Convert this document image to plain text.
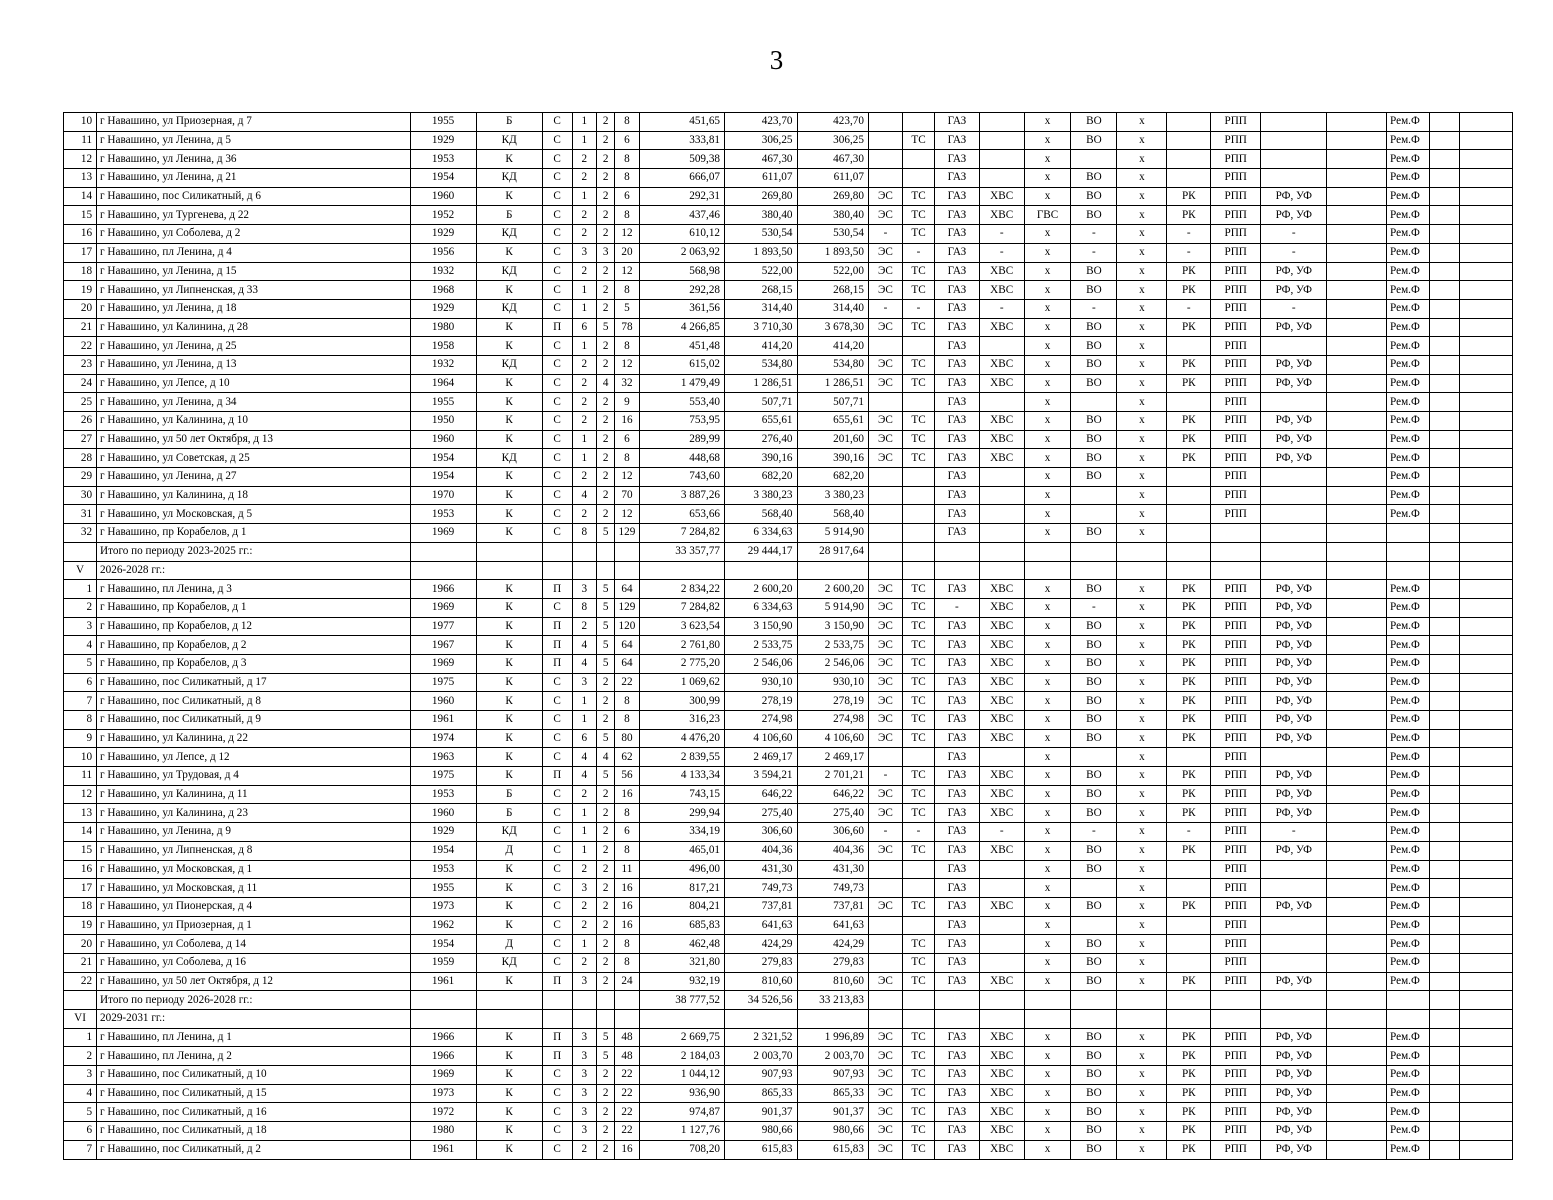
3
10	г Навашино, ул Приозерная, д 7	1955	Б	С	1	2	8	451,65	423,70	423,70			ГАЗ		х	ВО	х		РПП			Рем.Ф		
11	г Навашино, ул Ленина, д 5	1929	КД	С	1	2	6	333,81	306,25	306,25		ТС	ГАЗ		х	ВО	х		РПП			Рем.Ф		
12	г Навашино, ул Ленина, д 36	1953	К	С	2	2	8	509,38	467,30	467,30			ГАЗ		х		х		РПП			Рем.Ф		
13	г Навашино, ул Ленина, д 21	1954	КД	С	2	2	8	666,07	611,07	611,07			ГАЗ		х	ВО	х		РПП			Рем.Ф		
14	г Навашино, пос Силикатный, д 6	1960	К	С	1	2	6	292,31	269,80	269,80	ЭС	ТС	ГАЗ	ХВС	х	ВО	х	РК	РПП	РФ, УФ		Рем.Ф		
15	г Навашино, ул Тургенева, д 22	1952	Б	С	2	2	8	437,46	380,40	380,40	ЭС	ТС	ГАЗ	ХВС	ГВС	ВО	х	РК	РПП	РФ, УФ		Рем.Ф		
16	г Навашино, ул Соболева, д 2	1929	КД	С	2	2	12	610,12	530,54	530,54	-	ТС	ГАЗ	-	х	-	х	-	РПП	-		Рем.Ф		
17	г Навашино, пл Ленина, д 4	1956	К	С	3	3	20	2 063,92	1 893,50	1 893,50	ЭС	-	ГАЗ	-	х	-	х	-	РПП	-		Рем.Ф		
18	г Навашино, ул Ленина, д 15	1932	КД	С	2	2	12	568,98	522,00	522,00	ЭС	ТС	ГАЗ	ХВС	х	ВО	х	РК	РПП	РФ, УФ		Рем.Ф		
19	г Навашино, ул Липненская, д 33	1968	К	С	1	2	8	292,28	268,15	268,15	ЭС	ТС	ГАЗ	ХВС	х	ВО	х	РК	РПП	РФ, УФ		Рем.Ф		
20	г Навашино, ул Ленина, д 18	1929	КД	С	1	2	5	361,56	314,40	314,40	-	-	ГАЗ	-	х	-	х	-	РПП	-		Рем.Ф		
21	г Навашино, ул Калинина, д 28	1980	К	П	6	5	78	4 266,85	3 710,30	3 678,30	ЭС	ТС	ГАЗ	ХВС	х	ВО	х	РК	РПП	РФ, УФ		Рем.Ф		
22	г Навашино, ул Ленина, д 25	1958	К	С	1	2	8	451,48	414,20	414,20			ГАЗ		х	ВО	х		РПП			Рем.Ф		
23	г Навашино, ул Ленина, д 13	1932	КД	С	2	2	12	615,02	534,80	534,80	ЭС	ТС	ГАЗ	ХВС	х	ВО	х	РК	РПП	РФ, УФ		Рем.Ф		
24	г Навашино, ул Лепсе, д 10	1964	К	С	2	4	32	1 479,49	1 286,51	1 286,51	ЭС	ТС	ГАЗ	ХВС	х	ВО	х	РК	РПП	РФ, УФ		Рем.Ф		
25	г Навашино, ул Ленина, д 34	1955	К	С	2	2	9	553,40	507,71	507,71			ГАЗ		х		х		РПП			Рем.Ф		
26	г Навашино, ул Калинина, д 10	1950	К	С	2	2	16	753,95	655,61	655,61	ЭС	ТС	ГАЗ	ХВС	х	ВО	х	РК	РПП	РФ, УФ		Рем.Ф		
27	г Навашино, ул 50 лет Октября, д 13	1960	К	С	1	2	6	289,99	276,40	201,60	ЭС	ТС	ГАЗ	ХВС	х	ВО	х	РК	РПП	РФ, УФ		Рем.Ф		
28	г Навашино, ул Советская, д 25	1954	КД	С	1	2	8	448,68	390,16	390,16	ЭС	ТС	ГАЗ	ХВС	х	ВО	х	РК	РПП	РФ, УФ		Рем.Ф		
29	г Навашино, ул Ленина, д 27	1954	К	С	2	2	12	743,60	682,20	682,20			ГАЗ		х	ВО	х		РПП			Рем.Ф		
30	г Навашино, ул Калинина, д 18	1970	К	С	4	2	70	3 887,26	3 380,23	3 380,23			ГАЗ		х		х		РПП			Рем.Ф		
31	г Навашино, ул Московская, д 5	1953	К	С	2	2	12	653,66	568,40	568,40			ГАЗ		х		х		РПП			Рем.Ф		
32	г Навашино, пр Корабелов, д 1	1969	К	С	8	5	129	7 284,82	6 334,63	5 914,90			ГАЗ		х	ВО	х							
	Итого по периоду 2023-2025 гг.:							33 357,77	29 444,17	28 917,64														
V	2026-2028 гг.:																							
1	г Навашино, пл Ленина, д 3	1966	К	П	3	5	64	2 834,22	2 600,20	2 600,20	ЭС	ТС	ГАЗ	ХВС	х	ВО	х	РК	РПП	РФ, УФ		Рем.Ф		
2	г Навашино, пр Корабелов, д 1	1969	К	С	8	5	129	7 284,82	6 334,63	5 914,90	ЭС	ТС	-	ХВС	х	-	х	РК	РПП	РФ, УФ		Рем.Ф		
3	г Навашино, пр Корабелов, д 12	1977	К	П	2	5	120	3 623,54	3 150,90	3 150,90	ЭС	ТС	ГАЗ	ХВС	х	ВО	х	РК	РПП	РФ, УФ		Рем.Ф		
4	г Навашино, пр Корабелов, д 2	1967	К	П	4	5	64	2 761,80	2 533,75	2 533,75	ЭС	ТС	ГАЗ	ХВС	х	ВО	х	РК	РПП	РФ, УФ		Рем.Ф		
5	г Навашино, пр Корабелов, д 3	1969	К	П	4	5	64	2 775,20	2 546,06	2 546,06	ЭС	ТС	ГАЗ	ХВС	х	ВО	х	РК	РПП	РФ, УФ		Рем.Ф		
6	г Навашино, пос Силикатный, д 17	1975	К	С	3	2	22	1 069,62	930,10	930,10	ЭС	ТС	ГАЗ	ХВС	х	ВО	х	РК	РПП	РФ, УФ		Рем.Ф		
7	г Навашино, пос Силикатный, д 8	1960	К	С	1	2	8	300,99	278,19	278,19	ЭС	ТС	ГАЗ	ХВС	х	ВО	х	РК	РПП	РФ, УФ		Рем.Ф		
8	г Навашино, пос Силикатный, д 9	1961	К	С	1	2	8	316,23	274,98	274,98	ЭС	ТС	ГАЗ	ХВС	х	ВО	х	РК	РПП	РФ, УФ		Рем.Ф		
9	г Навашино, ул Калинина, д 22	1974	К	С	6	5	80	4 476,20	4 106,60	4 106,60	ЭС	ТС	ГАЗ	ХВС	х	ВО	х	РК	РПП	РФ, УФ		Рем.Ф		
10	г Навашино, ул Лепсе, д 12	1963	К	С	4	4	62	2 839,55	2 469,17	2 469,17			ГАЗ		х		х		РПП			Рем.Ф		
11	г Навашино, ул Трудовая, д 4	1975	К	П	4	5	56	4 133,34	3 594,21	2 701,21	-	ТС	ГАЗ	ХВС	х	ВО	х	РК	РПП	РФ, УФ		Рем.Ф		
12	г Навашино, ул Калинина, д 11	1953	Б	С	2	2	16	743,15	646,22	646,22	ЭС	ТС	ГАЗ	ХВС	х	ВО	х	РК	РПП	РФ, УФ		Рем.Ф		
13	г Навашино, ул Калинина, д 23	1960	Б	С	1	2	8	299,94	275,40	275,40	ЭС	ТС	ГАЗ	ХВС	х	ВО	х	РК	РПП	РФ, УФ		Рем.Ф		
14	г Навашино, ул Ленина, д 9	1929	КД	С	1	2	6	334,19	306,60	306,60	-	-	ГАЗ	-	х	-	х	-	РПП	-		Рем.Ф		
15	г Навашино, ул Липненская, д 8	1954	Д	С	1	2	8	465,01	404,36	404,36	ЭС	ТС	ГАЗ	ХВС	х	ВО	х	РК	РПП	РФ, УФ		Рем.Ф		
16	г Навашино, ул Московская, д 1	1953	К	С	2	2	11	496,00	431,30	431,30			ГАЗ		х	ВО	х		РПП			Рем.Ф		
17	г Навашино, ул Московская, д 11	1955	К	С	3	2	16	817,21	749,73	749,73			ГАЗ		х		х		РПП			Рем.Ф		
18	г Навашино, ул Пионерская, д 4	1973	К	С	2	2	16	804,21	737,81	737,81	ЭС	ТС	ГАЗ	ХВС	х	ВО	х	РК	РПП	РФ, УФ		Рем.Ф		
19	г Навашино, ул Приозерная, д 1	1962	К	С	2	2	16	685,83	641,63	641,63			ГАЗ		х		х		РПП			Рем.Ф		
20	г Навашино, ул Соболева, д 14	1954	Д	С	1	2	8	462,48	424,29	424,29		ТС	ГАЗ		х	ВО	х		РПП			Рем.Ф		
21	г Навашино, ул Соболева, д 16	1959	КД	С	2	2	8	321,80	279,83	279,83		ТС	ГАЗ		х	ВО	х		РПП			Рем.Ф		
22	г Навашино, ул 50 лет Октября, д 12	1961	К	П	3	2	24	932,19	810,60	810,60	ЭС	ТС	ГАЗ	ХВС	х	ВО	х	РК	РПП	РФ, УФ		Рем.Ф		
	Итого по периоду 2026-2028 гг.:							38 777,52	34 526,56	33 213,83														
VI	2029-2031 гг.:																							
1	г Навашино, пл Ленина, д 1	1966	К	П	3	5	48	2 669,75	2 321,52	1 996,89	ЭС	ТС	ГАЗ	ХВС	х	ВО	х	РК	РПП	РФ, УФ		Рем.Ф		
2	г Навашино, пл Ленина, д 2	1966	К	П	3	5	48	2 184,03	2 003,70	2 003,70	ЭС	ТС	ГАЗ	ХВС	х	ВО	х	РК	РПП	РФ, УФ		Рем.Ф		
3	г Навашино, пос Силикатный, д 10	1969	К	С	3	2	22	1 044,12	907,93	907,93	ЭС	ТС	ГАЗ	ХВС	х	ВО	х	РК	РПП	РФ, УФ		Рем.Ф		
4	г Навашино, пос Силикатный, д 15	1973	К	С	3	2	22	936,90	865,33	865,33	ЭС	ТС	ГАЗ	ХВС	х	ВО	х	РК	РПП	РФ, УФ		Рем.Ф		
5	г Навашино, пос Силикатный, д 16	1972	К	С	3	2	22	974,87	901,37	901,37	ЭС	ТС	ГАЗ	ХВС	х	ВО	х	РК	РПП	РФ, УФ		Рем.Ф		
6	г Навашино, пос Силикатный, д 18	1980	К	С	3	2	22	1 127,76	980,66	980,66	ЭС	ТС	ГАЗ	ХВС	х	ВО	х	РК	РПП	РФ, УФ		Рем.Ф		
7	г Навашино, пос Силикатный, д 2	1961	К	С	2	2	16	708,20	615,83	615,83	ЭС	ТС	ГАЗ	ХВС	х	ВО	х	РК	РПП	РФ, УФ		Рем.Ф		
